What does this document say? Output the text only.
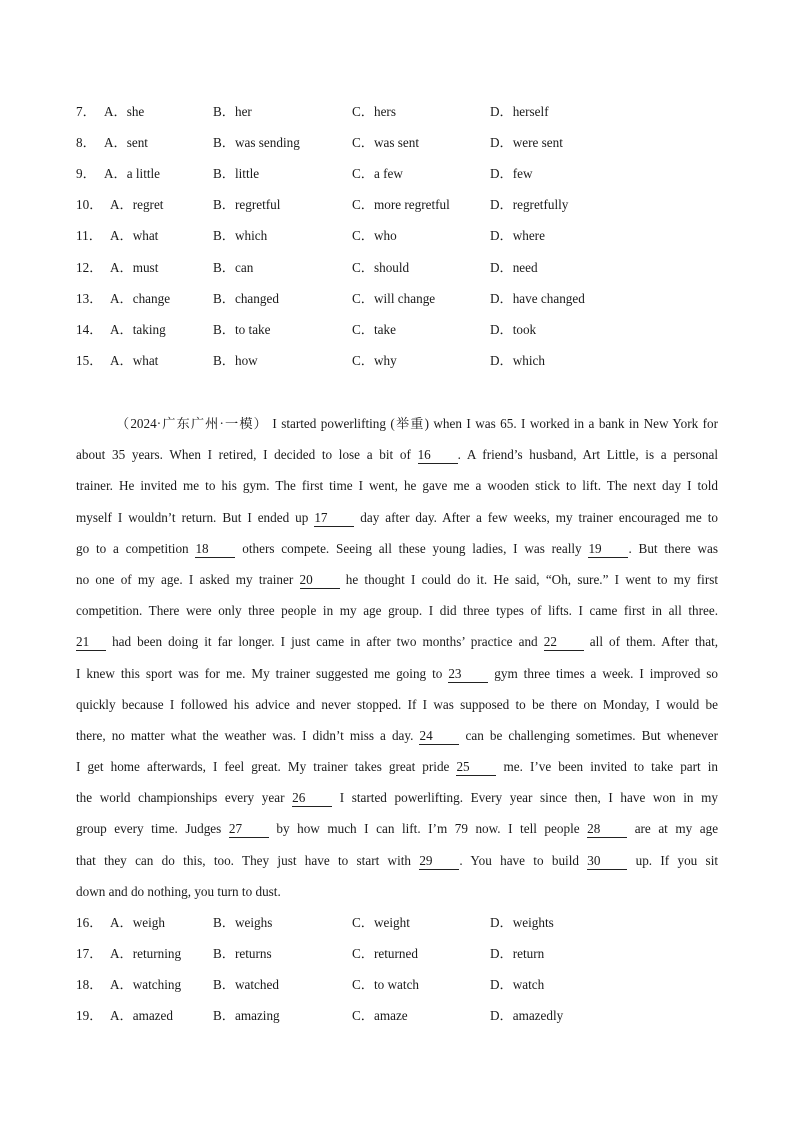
7． A．she	B．her	C．hers	D．herself
8． A．sent	B．was sending	C．was sent	D．were sent
9． A．a little	B．little	C．a few	D．few
10． A．regret	B．regretful	C．more regretful	D．regretfully
11． A．what	B．which	C．who	D．where
12． A．must	B．can	C．should	D．need
13． A．change	B．changed	C．will change	D．have changed
14． A．taking	B．to take	C．take	D．took
15． A．what	B．how	C．why	D．which
（2024·广东广州·一模） I started powerlifting (举重) when I was 65. I worked in a bank in New York for
about 35 years. When I retired, I decided to lose a bit of 16 . A friend’s husband, Art Little, is a personal
trainer. He invited me to his gym. The first time I went, he gave me a wooden stick to lift. The next day I told
myself I wouldn’t return. But I ended up 17 day after day. After a few weeks, my trainer encouraged me to
go to a competition 18	others compete. Seeing all these young ladies, I was really 19 . But there was
no one of my age. I asked my trainer 20	he thought I could do it. He said, “Oh, sure.” I went to my first
competition. There were only three people in my age group. I did three types of lifts. I came first in all three.
21 had been doing it far longer. I just came in after two months’ practice and 22 all of them. After that,
I knew this sport was for me. My trainer suggested me going to 23 gym three times a week. I improved so
quickly because I followed his advice and never stopped. If I was supposed to be there on Monday, I would be
there, no matter what the weather was. I didn’t miss a day. 24 can be challenging sometimes. But whenever
I get home afterwards, I feel great. My trainer takes great pride 25	me. I’ve been invited to take part in
the world championships every year 26	I started powerlifting. Every year since then, I have won in my
group every time. Judges 27	by how much I can lift. I’m 79 now. I tell people 28	are at my age
that they can do this, too. They just have to start with 29 . You have to build 30	up. If you sit
down and do nothing, you turn to dust.
16． A．weigh	B．weighs	C．weight	D．weights
17． A．returning B．returns	C．returned	D．return
18． A．watching B．watched	C．to watch	D．watch
19． A．amazed	B．amazing	C．amaze	D．amazedly
